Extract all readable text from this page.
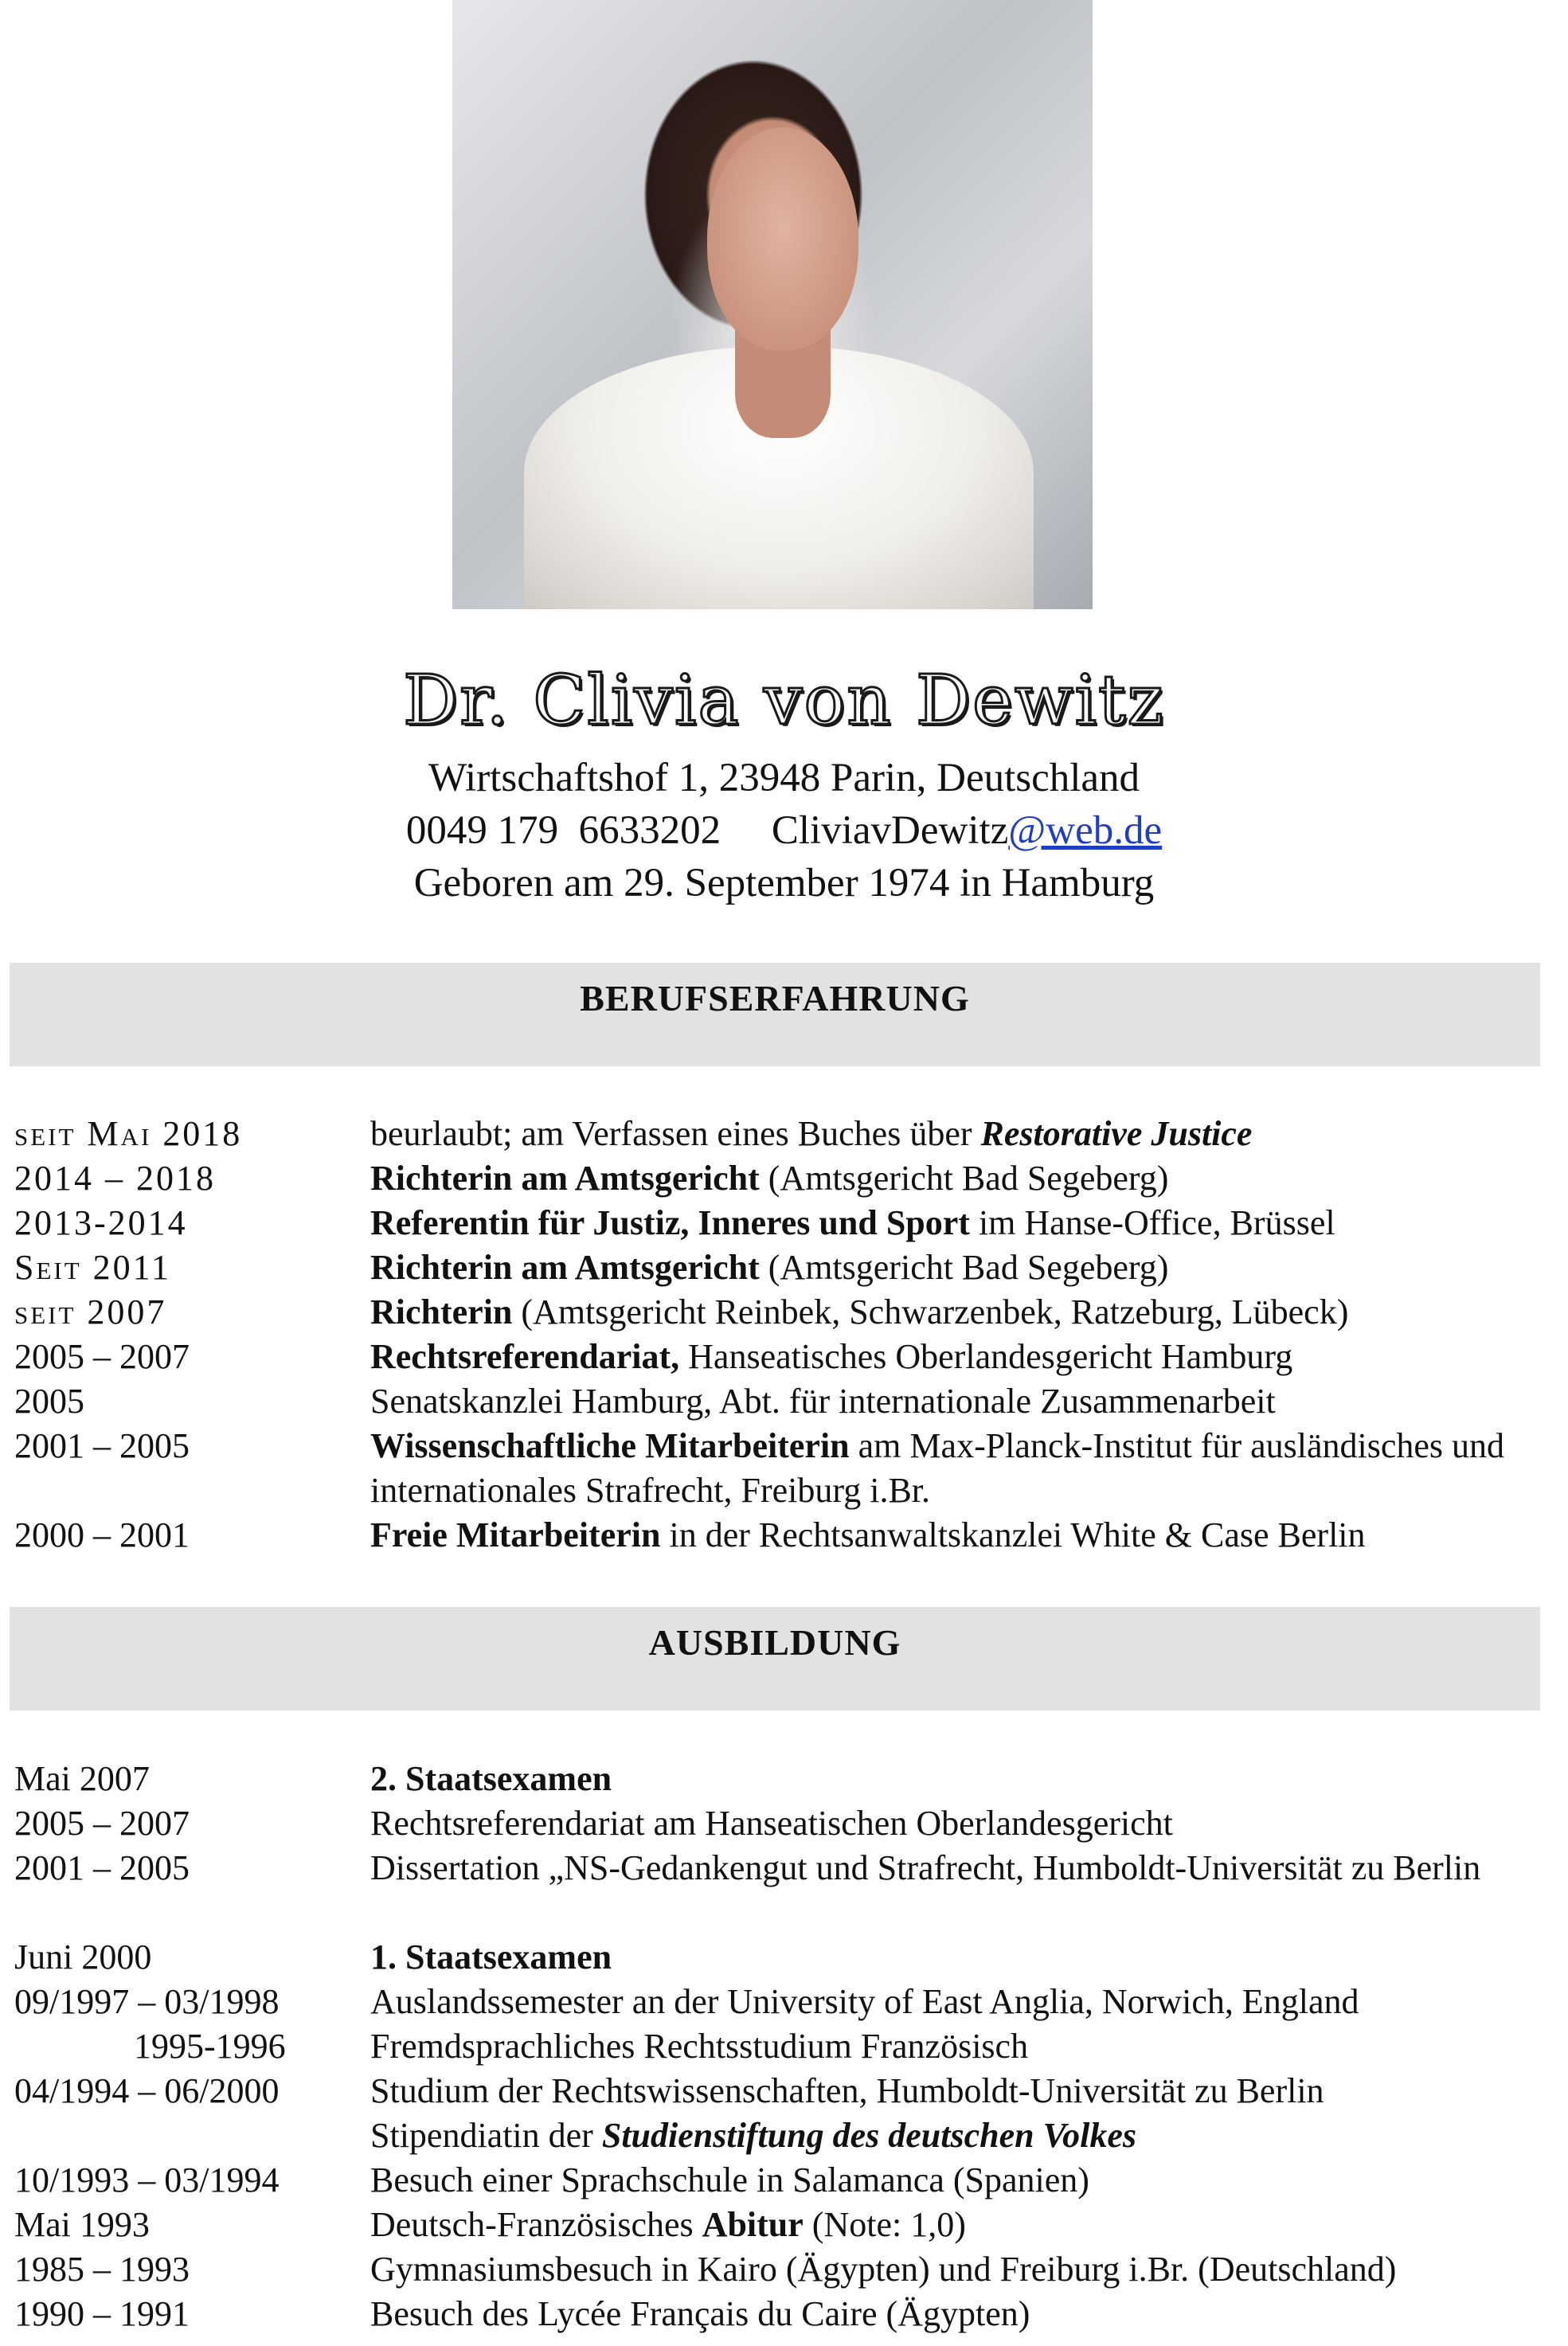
Dr. Clivia von Dewitz
Wirtschaftshof 1, 23948 Parin, Deutschland
0049 179  6633202 CliviavDewitz@web.de
Geboren am 29. September 1974 in Hamburg
BERUFSERFAHRUNG
seit Mai 2018	beurlaubt; am Verfassen eines Buches über Restorative Justice
2014 – 2018	Richterin am Amtsgericht (Amtsgericht Bad Segeberg)
2013-2014	Referentin für Justiz, Inneres und Sport im Hanse-Office, Brüssel
Seit 2011	Richterin am Amtsgericht (Amtsgericht Bad Segeberg)
seit 2007	Richterin (Amtsgericht Reinbek, Schwarzenbek, Ratzeburg, Lübeck)
2005 – 2007	Rechtsreferendariat, Hanseatisches Oberlandesgericht Hamburg
2005	Senatskanzlei Hamburg, Abt. für internationale Zusammenarbeit
2001 – 2005	Wissenschaftliche Mitarbeiterin am Max-Planck-Institut für ausländisches und internationales Strafrecht, Freiburg i.Br.
2000 – 2001	Freie Mitarbeiterin in der Rechtsanwaltskanzlei White & Case Berlin
AUSBILDUNG
Mai 2007	2. Staatsexamen
2005 – 2007	Rechtsreferendariat am Hanseatischen Oberlandesgericht
2001 – 2005	Dissertation „NS-Gedankengut und Strafrecht, Humboldt-Universität zu Berlin
Juni 2000	1. Staatsexamen
09/1997 – 03/1998	Auslandssemester an der University of East Anglia, Norwich, England
1995-1996 Fremdsprachliches Rechtsstudium Französisch
04/1994 – 06/2000	Studium der Rechtswissenschaften, Humboldt-Universität zu Berlin
Stipendiatin der Studienstiftung des deutschen Volkes
10/1993 – 03/1994	Besuch einer Sprachschule in Salamanca (Spanien)
Mai 1993	Deutsch-Französisches Abitur (Note: 1,0)
1985 – 1993	Gymnasiumsbesuch in Kairo (Ägypten) und Freiburg i.Br. (Deutschland)
1990 – 1991	Besuch des Lycée Français du Caire (Ägypten)
